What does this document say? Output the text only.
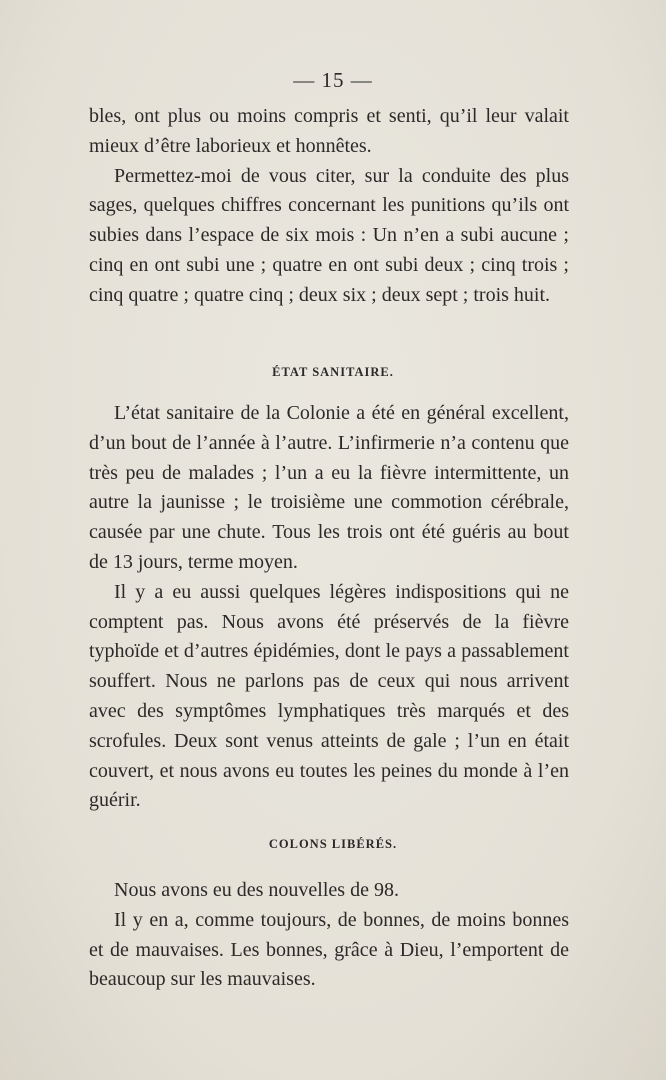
— 15 —

bles, ont plus ou moins compris et senti, qu’il leur valait mieux d’être laborieux et honnêtes.

Permettez-moi de vous citer, sur la conduite des plus sages, quelques chiffres concernant les punitions qu’ils ont subies dans l’espace de six mois : Un n’en a subi aucune ; cinq en ont subi une ; quatre en ont subi deux ; cinq trois ; cinq quatre ; quatre cinq ; deux six ; deux sept ; trois huit.

ÉTAT SANITAIRE.

L’état sanitaire de la Colonie a été en général excellent, d’un bout de l’année à l’autre. L’infirmerie n’a contenu que très peu de malades ; l’un a eu la fièvre intermittente, un autre la jaunisse ; le troisième une commotion cérébrale, causée par une chute. Tous les trois ont été guéris au bout de 13 jours, terme moyen.

Il y a eu aussi quelques légères indispositions qui ne comptent pas. Nous avons été préservés de la fièvre typhoïde et d’autres épidémies, dont le pays a passablement souffert. Nous ne parlons pas de ceux qui nous arrivent avec des symptômes lymphatiques très marqués et des scrofules. Deux sont venus atteints de gale ; l’un en était couvert, et nous avons eu toutes les peines du monde à l’en guérir.

COLONS LIBÉRÉS.

Nous avons eu des nouvelles de 98.

Il y en a, comme toujours, de bonnes, de moins bonnes et de mauvaises. Les bonnes, grâce à Dieu, l’emportent de beaucoup sur les mauvaises.
